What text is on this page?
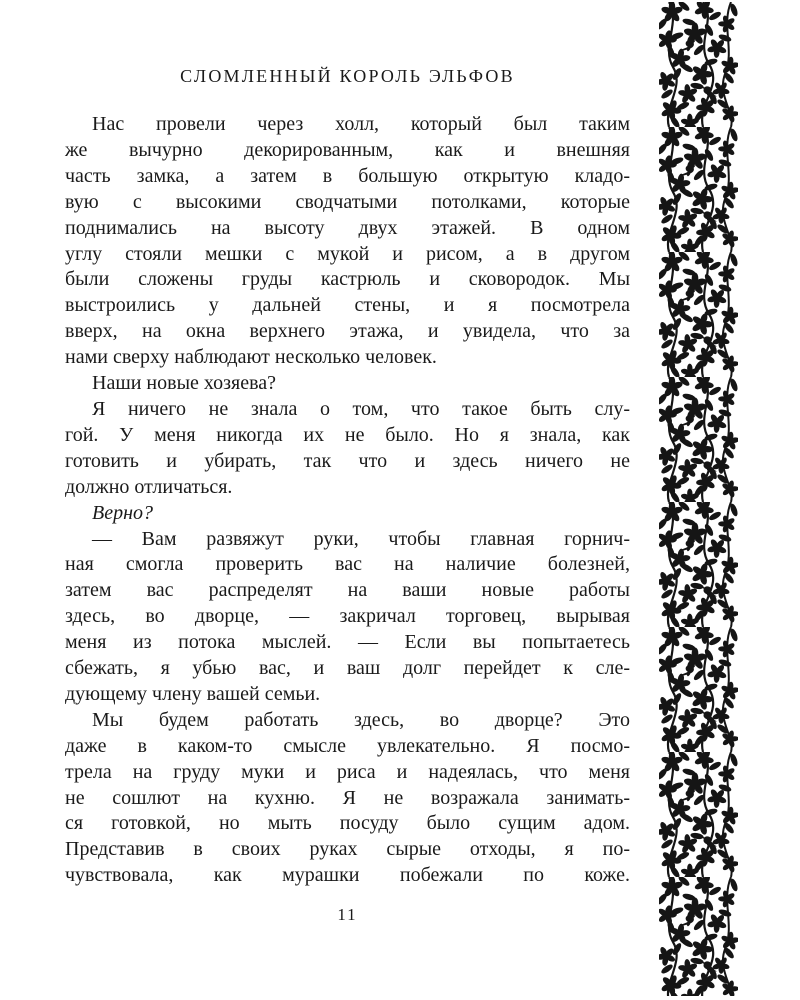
СЛОМЛЕННЫЙ КОРОЛЬ ЭЛЬФОВ

Нас провели через холл, который был таким
же вычурно декорированным, как и внешняя
часть замка, а затем в большую открытую кладо-
вую с высокими сводчатыми потолками, которые
поднимались на высоту двух этажей. В одном
углу стояли мешки с мукой и рисом, а в другом
были сложены груды кастрюль и сковородок. Мы
выстроились у дальней стены, и я посмотрела
вверх, на окна верхнего этажа, и увидела, что за
нами сверху наблюдают несколько человек.

Наши новые хозяева?

Я ничего не знала о том, что такое быть слу-
гой. У меня никогда их не было. Но я знала, как
готовить и убирать, так что и здесь ничего не
должно отличаться.

Верно?

— Вам развяжут руки, чтобы главная горнич-
ная смогла проверить вас на наличие болезней,
затем вас распределят на ваши новые работы
здесь, во дворце, — закричал торговец, вырывая
меня из потока мыслей. — Если вы попытаетесь
сбежать, я убью вас, и ваш долг перейдет к сле-
дующему члену вашей семьи.

Мы будем работать здесь, во дворце? Это
даже в каком-то смысле увлекательно. Я посмо-
трела на груду муки и риса и надеялась, что меня
не сошлют на кухню. Я не возражала занимать-
ся готовкой, но мыть посуду было сущим адом.
Представив в своих руках сырые отходы, я по-
чувствовала, как мурашки побежали по коже.

11
